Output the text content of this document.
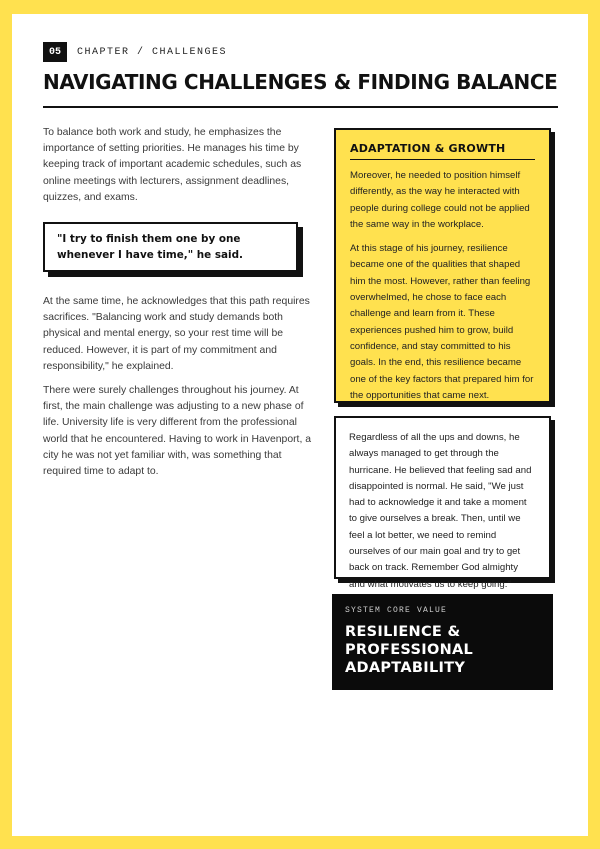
05	CHAPTER / CHALLENGES
NAVIGATING CHALLENGES & FINDING BALANCE

To balance both work and study, he emphasizes the importance of setting priorities. He manages his time by keeping track of important academic schedules, such as online meetings with lecturers, assignment deadlines, quizzes, and exams.

"I try to finish them one by one whenever I have time," he said.

At the same time, he acknowledges that this path requires sacrifices. "Balancing work and study demands both physical and mental energy, so your rest time will be reduced. However, it is part of my commitment and responsibility," he explained.

There were surely challenges throughout his journey. At first, the main challenge was adjusting to a new phase of life. University life is very different from the professional world that he encountered. Having to work in Havenport, a city he was not yet familiar with, was something that required time to adapt to.

ADAPTATION & GROWTH

Moreover, he needed to position himself differently, as the way he interacted with people during college could not be applied the same way in the workplace.

At this stage of his journey, resilience became one of the qualities that shaped him the most. However, rather than feeling overwhelmed, he chose to face each challenge and learn from it. These experiences pushed him to grow, build confidence, and stay committed to his goals. In the end, this resilience became one of the key factors that prepared him for the opportunities that came next.

Regardless of all the ups and downs, he always managed to get through the hurricane. He believed that feeling sad and disappointed is normal. He said, "We just had to acknowledge it and take a moment to give ourselves a break. Then, until we feel a lot better, we need to remind ourselves of our main goal and try to get back on track. Remember God almighty and what motivates us to keep going."

SYSTEM CORE VALUE

RESILIENCE & PROFESSIONAL ADAPTABILITY
